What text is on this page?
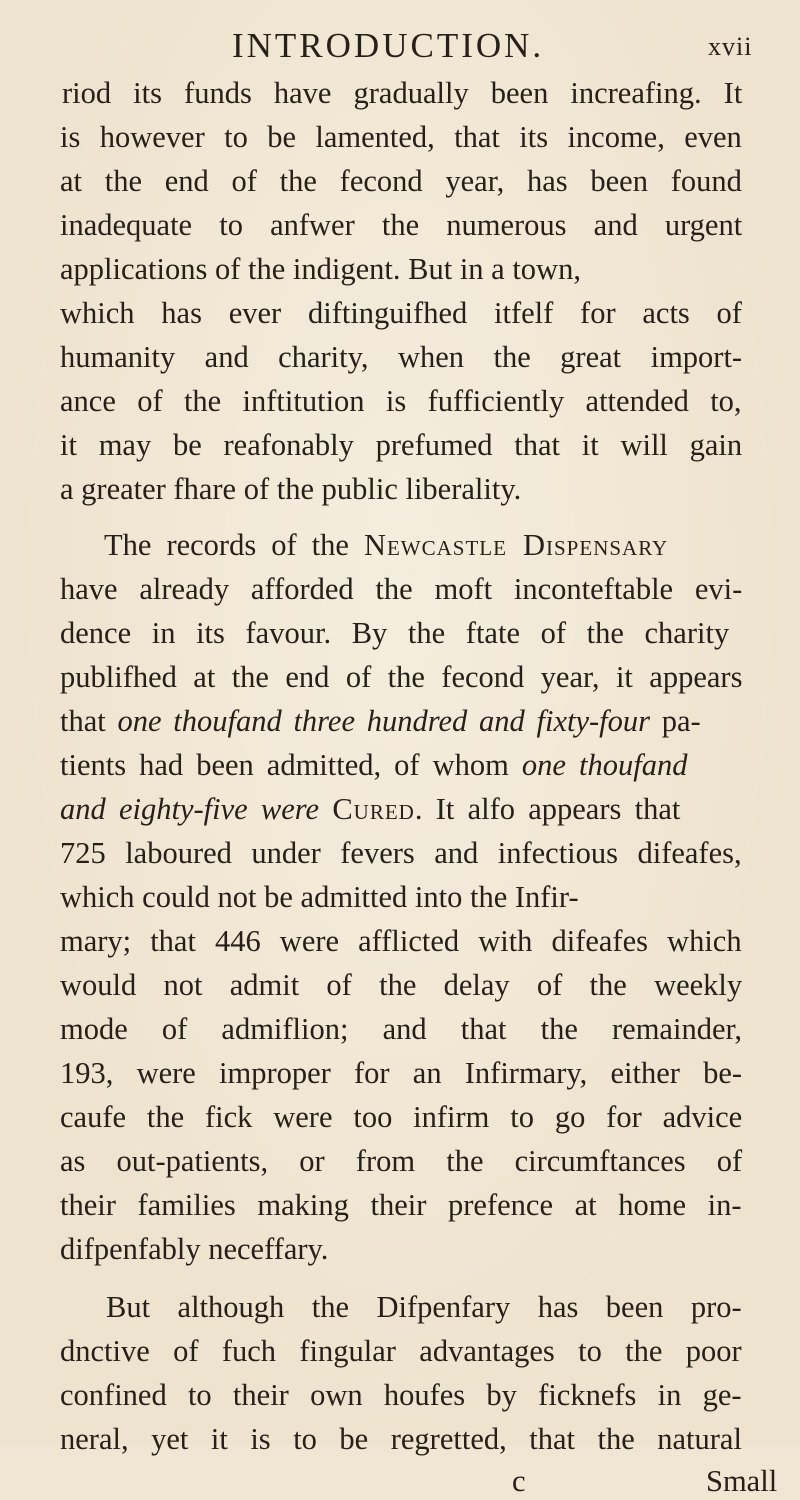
INTRODUCTION.	xvii
riod its funds have gradually been increafing. It
is however to be lamented, that its income, even
at the end of the fecond year, has been found
inadequate to anfwer the numerous and urgent
applications of the indigent. But in a town,
which has ever diftinguifhed itfelf for acts of
humanity and charity, when the great import-
ance of the inftitution is fufficiently attended to,
it may be reafonably prefumed that it will gain
a greater fhare of the public liberality.
The records of the Newcastle Dispensary
have already afforded the moft inconteftable evi-
dence in its favour. By the ftate of the charity
publifhed at the end of the fecond year, it appears
that one thoufand three hundred and fixty-four pa-
tients had been admitted, of whom one thoufand
and eighty-five were Cured. It alfo appears that
725 laboured under fevers and infectious difeafes,
which could not be admitted into the Infir-
mary; that 446 were afflicted with difeafes which
would not admit of the delay of the weekly
mode of admiflion; and that the remainder,
193, were improper for an Infirmary, either be-
caufe the fick were too infirm to go for advice
as out-patients, or from the circumftances of
their families making their prefence at home in-
difpenfably neceffary.
But although the Difpenfary has been pro-
dnctive of fuch fingular advantages to the poor
confined to their own houfes by ficknefs in ge-
neral, yet it is to be regretted, that the natural
c	Small
